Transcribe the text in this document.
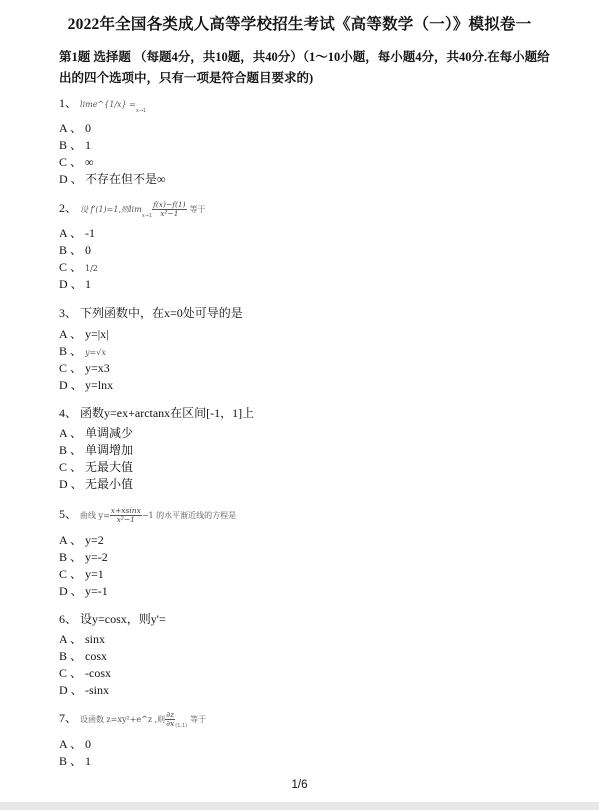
2022年全国各类成人高等学校招生考试《高等数学（一）》模拟卷一
第1题 选择题 （每题4分，共10题，共40分）（1～10小题，每小题4分，共40分.在每小题给出的四个选项中，只有一项是符合题目要求的)
1、 lime^{1/x} =x→1
A 、 0
B 、 1
C 、 ∞
D 、 不存在但不是∞
2、 设 f′(1)=1,则$\lim x\to 1 \frac{f(x)-f(1)}{\text{x²−1}}$ 等于
A 、 -1
B 、 0
C 、 1/2
D 、 1
3、 下列函数中，在x=0处可导的是
A 、 y=|x|
B 、 y=√x
C 、 y=x3
D 、 y=lnx
4、 函数y=ex+arctanx在区间[-1，1]上
A 、 单调减少
B 、 单调增加
C 、 无最大值
D 、 无最小值
5、 曲线 $y= \frac{x+xsinx}{\text{x²−1}} -1$ 的水平渐近线的方程是
A 、 y=2
B 、 y=-2
C 、 y=1
D 、 y=-1
6、 设y=cosx，则y'=
A 、 sinx
B 、 cosx
C 、 -cosx
D 、 -sinx
7、 设函数 z=xy²+e^z ,则 $\frac{\partial z}{\partial x} (1,1)$ 等于
A 、 0
B 、 1
1/6
